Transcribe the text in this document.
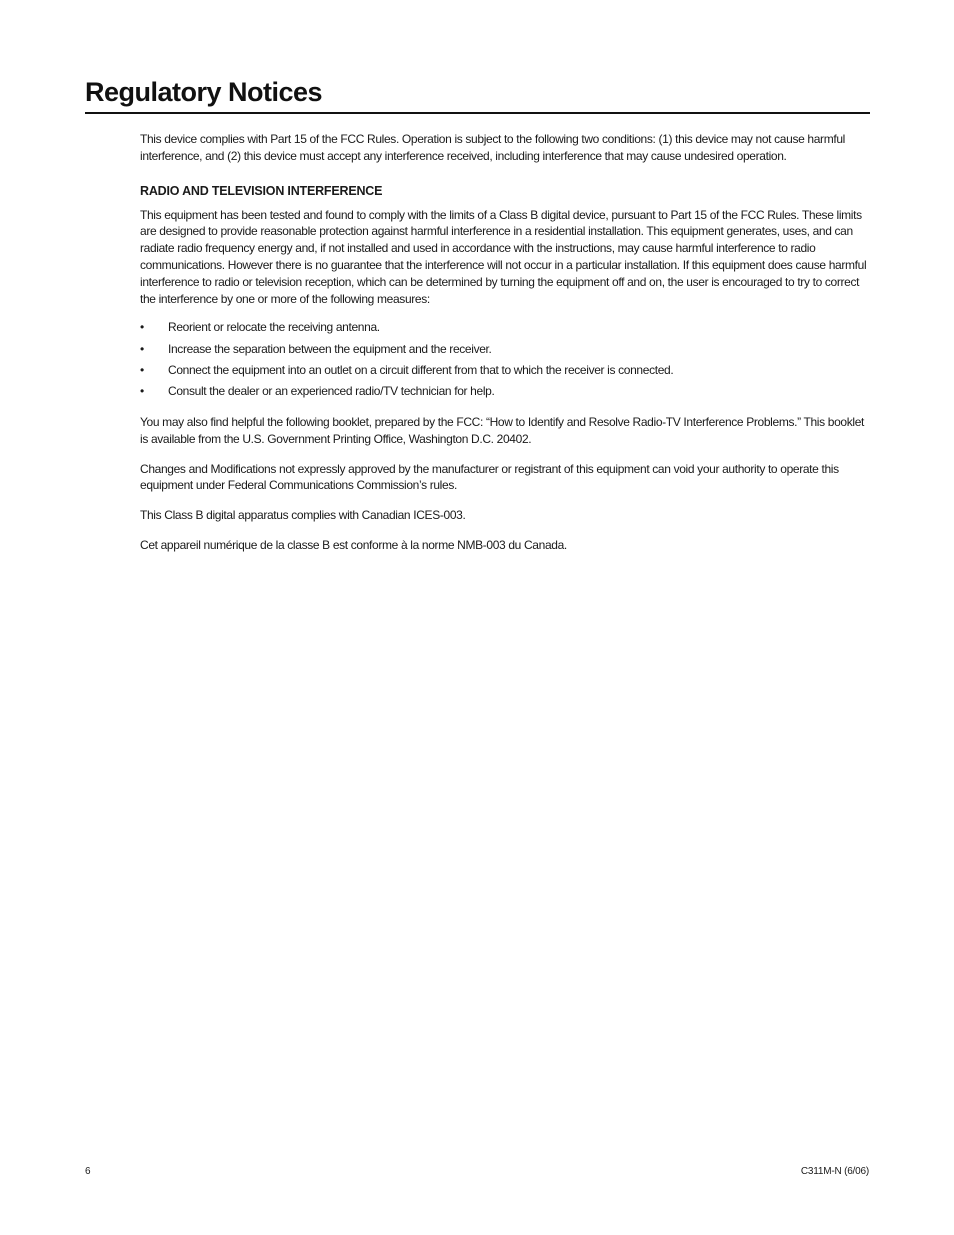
Regulatory Notices

This device complies with Part 15 of the FCC Rules. Operation is subject to the following two conditions: (1) this device may not cause harmful interference, and (2) this device must accept any interference received, including interference that may cause undesired operation.

RADIO AND TELEVISION INTERFERENCE

This equipment has been tested and found to comply with the limits of a Class B digital device, pursuant to Part 15 of the FCC Rules. These limits are designed to provide reasonable protection against harmful interference in a residential installation. This equipment generates, uses, and can radiate radio frequency energy and, if not installed and used in accordance with the instructions, may cause harmful interference to radio communications. However there is no guarantee that the interference will not occur in a particular installation. If this equipment does cause harmful interference to radio or television reception, which can be determined by turning the equipment off and on, the user is encouraged to try to correct the interference by one or more of the following measures:

• Reorient or relocate the receiving antenna.
• Increase the separation between the equipment and the receiver.
• Connect the equipment into an outlet on a circuit different from that to which the receiver is connected.
• Consult the dealer or an experienced radio/TV technician for help.

You may also find helpful the following booklet, prepared by the FCC: “How to Identify and Resolve Radio-TV Interference Problems.” This booklet is available from the U.S. Government Printing Office, Washington D.C. 20402.

Changes and Modifications not expressly approved by the manufacturer or registrant of this equipment can void your authority to operate this equipment under Federal Communications Commission’s rules.

This Class B digital apparatus complies with Canadian ICES-003.

Cet appareil numérique de la classe B est conforme à la norme NMB-003 du Canada.

6	C311M-N (6/06)
